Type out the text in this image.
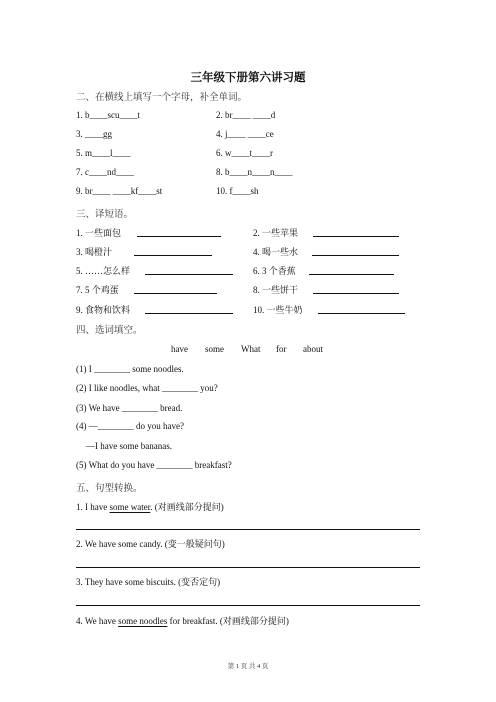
三年级下册第六讲习题
二、在横线上填写一个字母，补全单词。
1. b____scu____t	2. br____ ____d
3. ____gg	4. j____ ____ce
5. m____l____	6. w____t____r
7. c____nd____	8. b____n____n____
9. br____ ____kf____st	10. f____sh
三、译短语。
1. 一些面包	2. 一些苹果
3. 喝橙汁	4. 喝一些水
5. ……怎么样	6. 3 个香蕉
7. 5 个鸡蛋	8. 一些饼干
9. 食物和饮料	10. 一些牛奶
四、选词填空。
have some What for about
(1) I ________ some noodles.
(2) I like noodles, what ________ you?
(3) We have ________ bread.
(4) —________ do you have?
—I have some bananas.
(5) What do you have ________ breakfast?
五、句型转换。
1. I have some water. (对画线部分提问)
2. We have some candy. (变一般疑问句)
3. They have some biscuits. (变否定句)
4. We have some noodles for breakfast. (对画线部分提问)
第 1 页 共 4 页
